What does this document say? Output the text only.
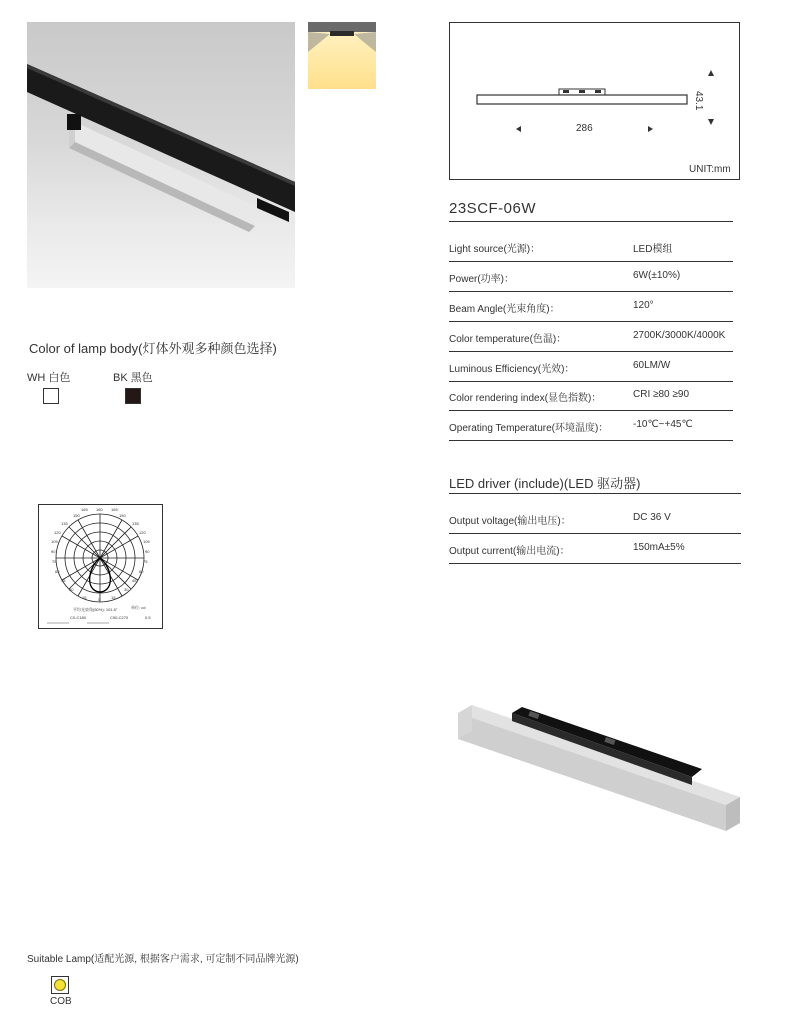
286
43.1
UNIT:mm
23SCF-06W
Light source(光源)：	LED模组
Power(功率)：	6W(±10%)
Beam Angle(光束角度)：	120°
Color temperature(色温)：	2700K/3000K/4000K
Luminous Efficiency(光效)：	60LM/W
Color rendering index(显色指数)：	CRI ≥80 ≥90
Operating Temperature(环境温度)： -10℃~+45℃
LED driver (include)(LED 驱动器)
Output voltage(输出电压)：	DC 36 V
Output current(输出电流)：	150mA±5%
Color of lamp body(灯体外观多种颜色选择)
WH 白色	BK 黑色
165 180 165
150
135
120
105
90
75
60
45
30
15
150
135
120
105
90
75
60
45
30
15
0
平均光束角(50%): 101.5°	单位: cd
C0-C180	C90-C270	0.5
Suitable Lamp(适配光源, 根据客户需求, 可定制不同品牌光源)
COB
